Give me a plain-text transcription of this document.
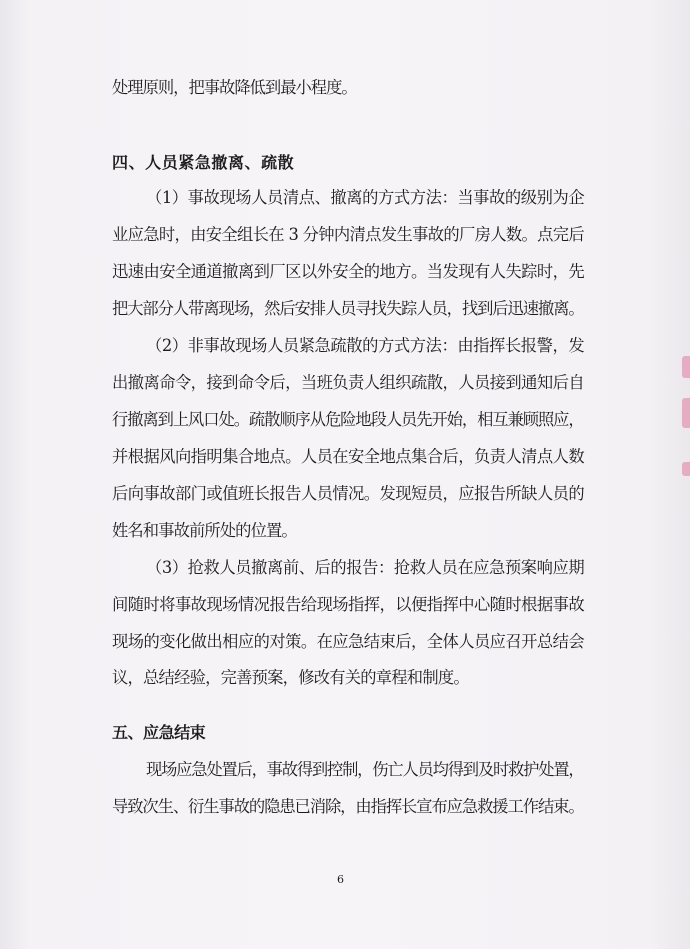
处理原则，把事故降低到最小程度。
四、人员紧急撤离、疏散
（1）事故现场人员清点、撤离的方式方法：当事故的级别为企
业应急时，由安全组长在 3 分钟内清点发生事故的厂房人数。点完后
迅速由安全通道撤离到厂区以外安全的地方。当发现有人失踪时，先
把大部分人带离现场，然后安排人员寻找失踪人员，找到后迅速撤离。
（2）非事故现场人员紧急疏散的方式方法：由指挥长报警，发
出撤离命令，接到命令后，当班负责人组织疏散，人员接到通知后自
行撤离到上风口处。疏散顺序从危险地段人员先开始，相互兼顾照应，
并根据风向指明集合地点。人员在安全地点集合后，负责人清点人数
后向事故部门或值班长报告人员情况。发现短员，应报告所缺人员的
姓名和事故前所处的位置。
（3）抢救人员撤离前、后的报告：抢救人员在应急预案响应期
间随时将事故现场情况报告给现场指挥，以便指挥中心随时根据事故
现场的变化做出相应的对策。在应急结束后，全体人员应召开总结会
议，总结经验，完善预案，修改有关的章程和制度。
五、应急结束
现场应急处置后，事故得到控制，伤亡人员均得到及时救护处置，
导致次生、衍生事故的隐患已消除，由指挥长宣布应急救援工作结束。
6
